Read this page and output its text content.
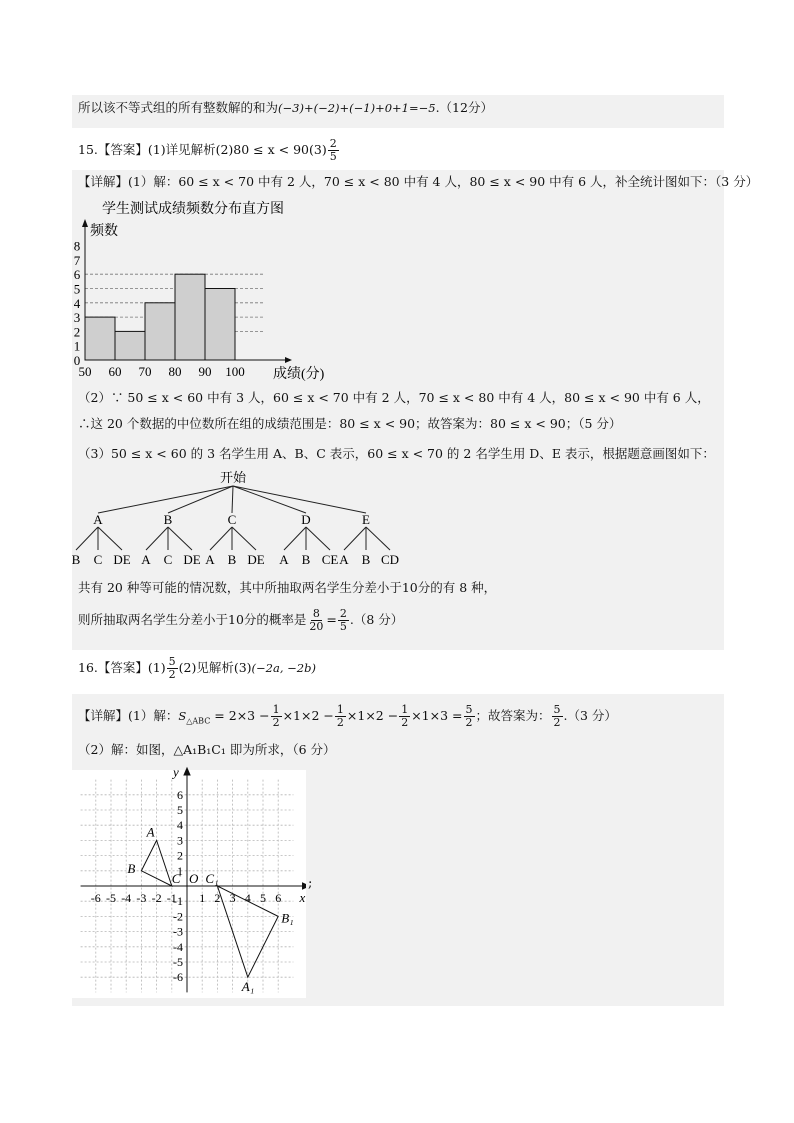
所以该不等式组的所有整数解的和为(−3)+(−2)+(−1)+0+1=−5.（12分）
15.【答案】(1)详见解析$(2)80 \le x < 90(3) \frac{2}{5}$
【详解】(1）解：60 ≤ x < 70 中有 2 人，70 ≤ x < 80 中有 4 人，80 ≤ x < 90 中有 6 人，补全统计图如下：（3 分）
学生测试成绩频数分布直方图
频数
成绩(分)
0
1
2
3
4
5
6
7
8
50 60 70 80 90 100
（2）∵ 50 ≤ x < 60 中有 3 人，60 ≤ x < 70 中有 2 人，70 ≤ x < 80 中有 4 人，80 ≤ x < 90 中有 6 人，
∴这 20 个数据的中位数所在组的成绩范围是：80 ≤ x < 90；故答案为：80 ≤ x < 90；（5 分）
（3）50 ≤ x < 60 的 3 名学生用 A、B、C 表示，60 ≤ x < 70 的 2 名学生用 D、E 表示，根据题意画图如下：
开始
A	B	C	D	E
B C DE A C DE A B DE A B CE A B CD
共有 20 种等可能的情况数，其中所抽取两名学生分差小于10分的有 8 种，
则所抽取两名学生分差小于10分的概率是 $\frac{8}{20} = \frac{2}{5} .(8$ 分）
16.【答案】$(1) \frac{5}{2} (2)$见解析(3)(−2a, −2b)
【详解】(1）解：$S_{\triangle ABC} = 2\times 3 - \frac{1}{2} \times 1\times 2 - \frac{1}{2} \times 1\times 2 - \frac{1}{2} \times 1\times 3 = \frac{5}{2}$ ；故答案为： $\frac{5}{2} .(3$ 分）
（2）解：如图，△A₁B₁C₁ 即为所求，（6 分）
-6 -5 -4 -3 -2 -1 1 2 3 4 5 6
6
5
4
3
2
1
-1
-2
-3
-4
-5
-6
x
y
O
A
B
C
A₁
B₁
C₁	;
